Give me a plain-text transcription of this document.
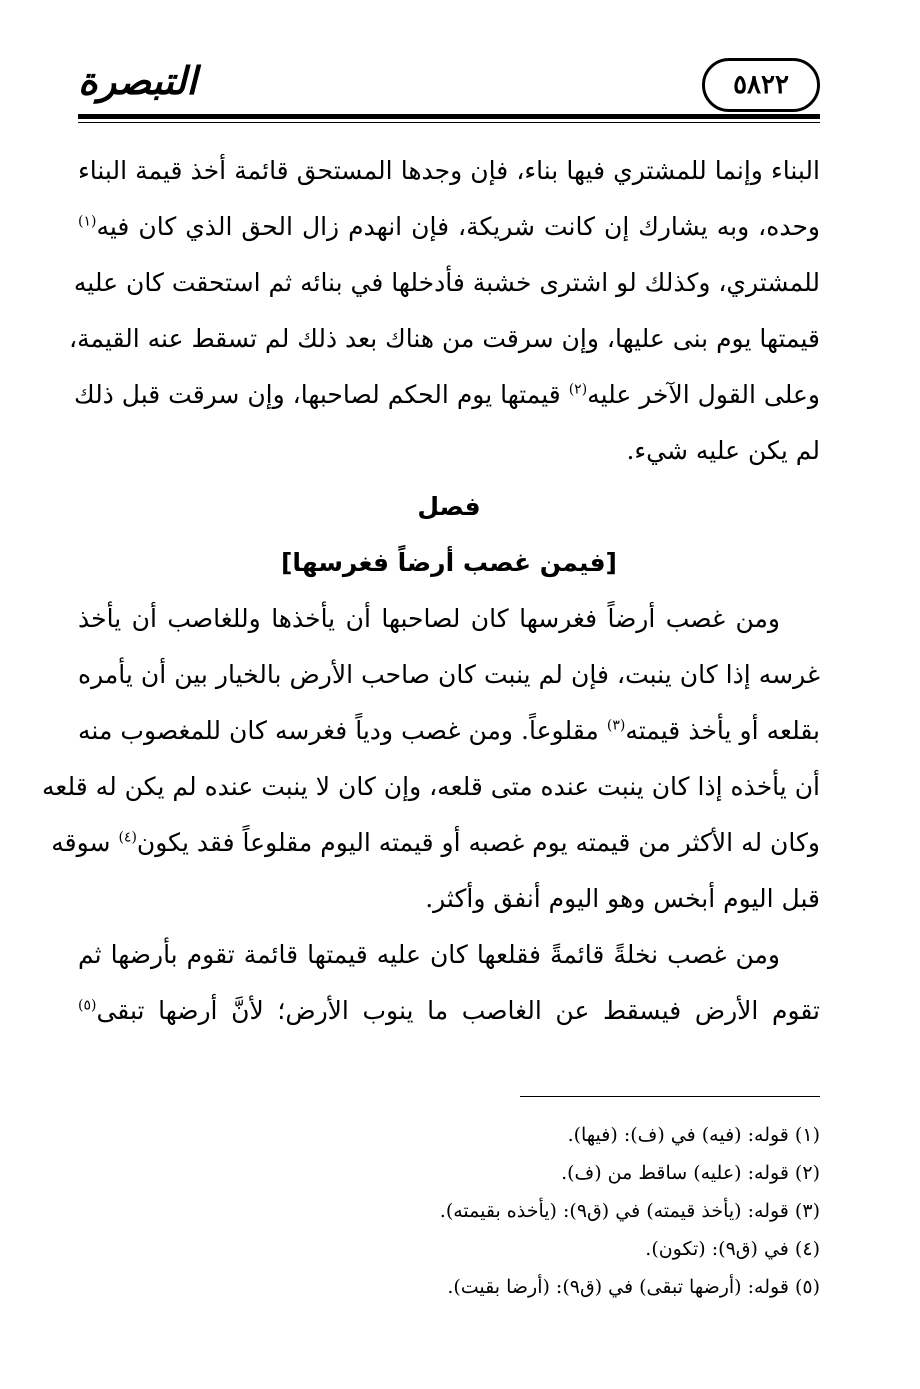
التبصرة	٥٨٢٢
البناء وإنما للمشتري فيها بناء، فإن وجدها المستحق قائمة أخذ قيمة البناء
وحده، وبه يشارك إن كانت شريكة، فإن انهدم زال الحق الذي كان فيه$^{(١)}$
للمشتري، وكذلك لو اشترى خشبة فأدخلها في بنائه ثم استحقت كان عليه
قيمتها يوم بنى عليها، وإن سرقت من هناك بعد ذلك لم تسقط عنه القيمة،
وعلى القول الآخر عليه$^{(٢)}$ قيمتها يوم الحكم لصاحبها، وإن سرقت قبل ذلك
لم يكن عليه شيء.
فصل
[فيمن غصب أرضاً فغرسها]
ومن غصب أرضاً فغرسها كان لصاحبها أن يأخذها وللغاصب أن يأخذ
غرسه إذا كان ينبت، فإن لم ينبت كان صاحب الأرض بالخيار بين أن يأمره
بقلعه أو يأخذ قيمته$^{(٣)}$ مقلوعاً. ومن غصب ودياً فغرسه كان للمغصوب منه
أن يأخذه إذا كان ينبت عنده متى قلعه، وإن كان لا ينبت عنده لم يكن له قلعه
وكان له الأكثر من قيمته يوم غصبه أو قيمته اليوم مقلوعاً فقد يكون$^{(٤)}$ سوقه
قبل اليوم أبخس وهو اليوم أنفق وأكثر.
ومن غصب نخلةً قائمةً فقلعها كان عليه قيمتها قائمة تقوم بأرضها ثم
تقوم الأرض فيسقط عن الغاصب ما ينوب الأرض؛ لأنَّ أرضها تبقى$^{(٥)}$
(١) قوله: (فيه) في (ف): (فيها).
(٢) قوله: (عليه) ساقط من (ف).
(٣) قوله: (يأخذ قيمته) في (ق٩): (يأخذه بقيمته).
(٤) في (ق٩): (تكون).
(٥) قوله: (أرضها تبقى) في (ق٩): (أرضا بقيت).
